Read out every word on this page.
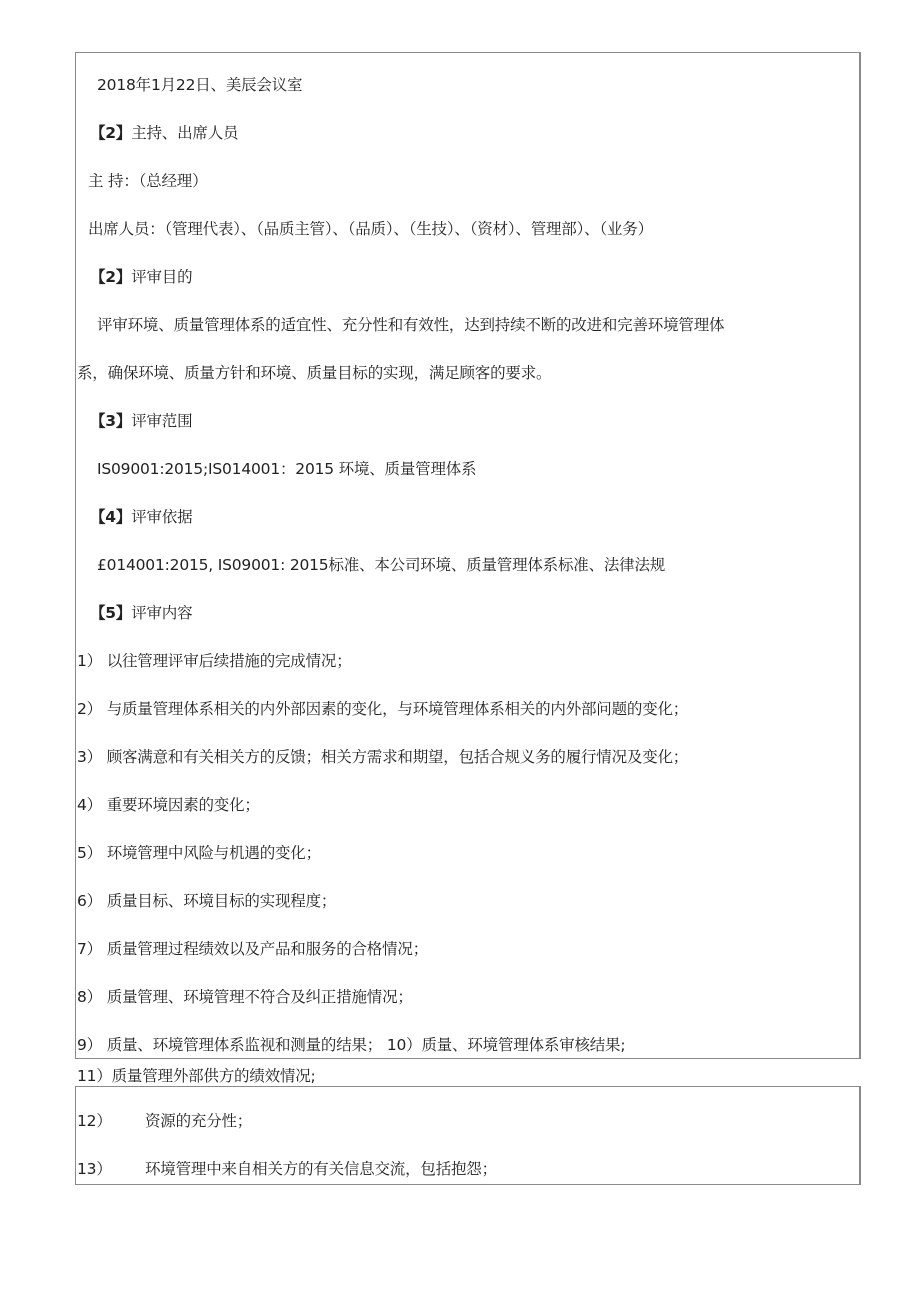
2018年1月22日、美辰会议室

【2】主持、出席人员

主 持：（总经理）

出席人员：（管理代表）、（品质主管）、（品质）、（生技）、（资材）、管理部）、（业务）

【2】评审目的

评审环境、质量管理体系的适宜性、充分性和有效性，达到持续不断的改进和完善环境管理体

系，确保环境、质量方针和环境、质量目标的实现，满足顾客的要求。

【3】评审范围

IS09001:2015;IS014001：2015 环境、质量管理体系

【4】评审依据

£014001:2015, IS09001: 2015标准、本公司环境、质量管理体系标准、法律法规

【5】评审内容

1） 以往管理评审后续措施的完成情况；

2） 与质量管理体系相关的内外部因素的变化，与环境管理体系相关的内外部问题的变化；

3） 顾客满意和有关相关方的反馈；相关方需求和期望，包括合规义务的履行情况及变化；

4） 重要环境因素的变化；

5） 环境管理中风险与机遇的变化；

6） 质量目标、环境目标的实现程度；

7） 质量管理过程绩效以及产品和服务的合格情况；

8） 质量管理、环境管理不符合及纠正措施情况；

9） 质量、环境管理体系监视和测量的结果； 10）质量、环境管理体系审核结果;

11）质量管理外部供方的绩效情况;

12） 资源的充分性；

13） 环境管理中来自相关方的有关信息交流，包括抱怨；
